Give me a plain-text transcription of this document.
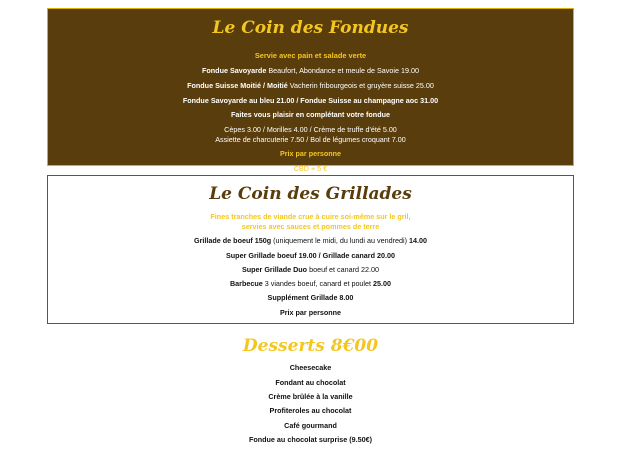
Le Coin des Fondues
Servie avec pain et salade verte
Fondue Savoyarde Beaufort, Abondance et meule de Savoie 19.00
Fondue Suisse Moitié / Moitié Vacherin fribourgeois et gruyère suisse 25.00
Fondue Savoyarde au bleu 21.00 / Fondue Suisse au champagne aoc 31.00
Faites vous plaisir en complétant votre fondue
Cèpes 3.00 / Morilles 4.00 / Crème de truffe d'été 5.00
Assiette de charcuterie 7.50 / Bol de légumes croquant 7.00
Prix par personne
CBD + 5 €
Le Coin des Grillades
Fines tranches de viande crue à cuire soi-même sur le gril,
servies avec sauces et pommes de terre
Grillade de boeuf 150g (uniquement le midi, du lundi au vendredi) 14.00
Super Grillade boeuf 19.00 / Grillade canard 20.00
Super Grillade Duo boeuf et canard 22.00
Barbecue 3 viandes boeuf, canard et poulet 25.00
Supplément Grillade 8.00
Prix par personne
Desserts 8€00
Cheesecake
Fondant au chocolat
Crème brûlée à la vanille
Profiteroles au chocolat
Café gourmand
Fondue au chocolat surprise (9.50€)
